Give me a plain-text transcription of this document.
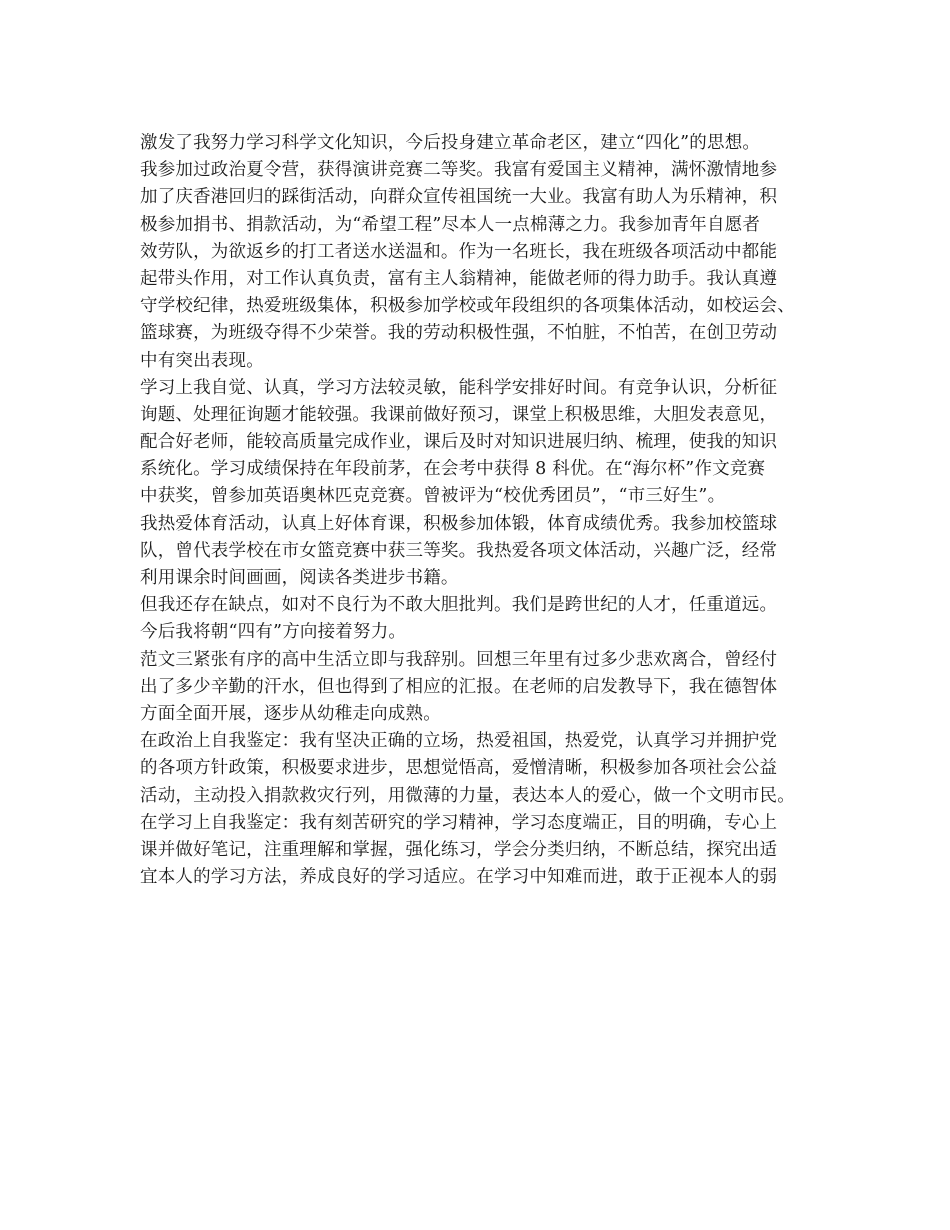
激发了我努力学习科学文化知识，今后投身建立革命老区，建立“四化”的思想。
我参加过政治夏令营，获得演讲竞赛二等奖。我富有爱国主义精神，满怀激情地参
加了庆香港回归的踩街活动，向群众宣传祖国统一大业。我富有助人为乐精神，积
极参加捐书、捐款活动，为“希望工程”尽本人一点棉薄之力。我参加青年自愿者
效劳队，为欲返乡的打工者送水送温和。作为一名班长，我在班级各项活动中都能
起带头作用，对工作认真负责，富有主人翁精神，能做老师的得力助手。我认真遵
守学校纪律，热爱班级集体，积极参加学校或年段组织的各项集体活动，如校运会、
篮球赛，为班级夺得不少荣誉。我的劳动积极性强，不怕脏，不怕苦，在创卫劳动
中有突出表现。
学习上我自觉、认真，学习方法较灵敏，能科学安排好时间。有竞争认识，分析征
询题、处理征询题才能较强。我课前做好预习，课堂上积极思维，大胆发表意见，
配合好老师，能较高质量完成作业，课后及时对知识进展归纳、梳理，使我的知识
系统化。学习成绩保持在年段前茅，在会考中获得 8 科优。在“海尔杯”作文竞赛
中获奖，曾参加英语奥林匹克竞赛。曾被评为“校优秀团员”，“市三好生”。
我热爱体育活动，认真上好体育课，积极参加体锻，体育成绩优秀。我参加校篮球
队，曾代表学校在市女篮竞赛中获三等奖。我热爱各项文体活动，兴趣广泛，经常
利用课余时间画画，阅读各类进步书籍。
但我还存在缺点，如对不良行为不敢大胆批判。我们是跨世纪的人才，任重道远。
今后我将朝“四有”方向接着努力。
范文三紧张有序的高中生活立即与我辞别。回想三年里有过多少悲欢离合，曾经付
出了多少辛勤的汗水，但也得到了相应的汇报。在老师的启发教导下，我在德智体
方面全面开展，逐步从幼稚走向成熟。
在政治上自我鉴定：我有坚决正确的立场，热爱祖国，热爱党，认真学习并拥护党
的各项方针政策，积极要求进步，思想觉悟高，爱憎清晰，积极参加各项社会公益
活动，主动投入捐款救灾行列，用微薄的力量，表达本人的爱心，做一个文明市民。
在学习上自我鉴定：我有刻苦研究的学习精神，学习态度端正，目的明确，专心上
课并做好笔记，注重理解和掌握，强化练习，学会分类归纳，不断总结，探究出适
宜本人的学习方法，养成良好的学习适应。在学习中知难而进，敢于正视本人的弱
